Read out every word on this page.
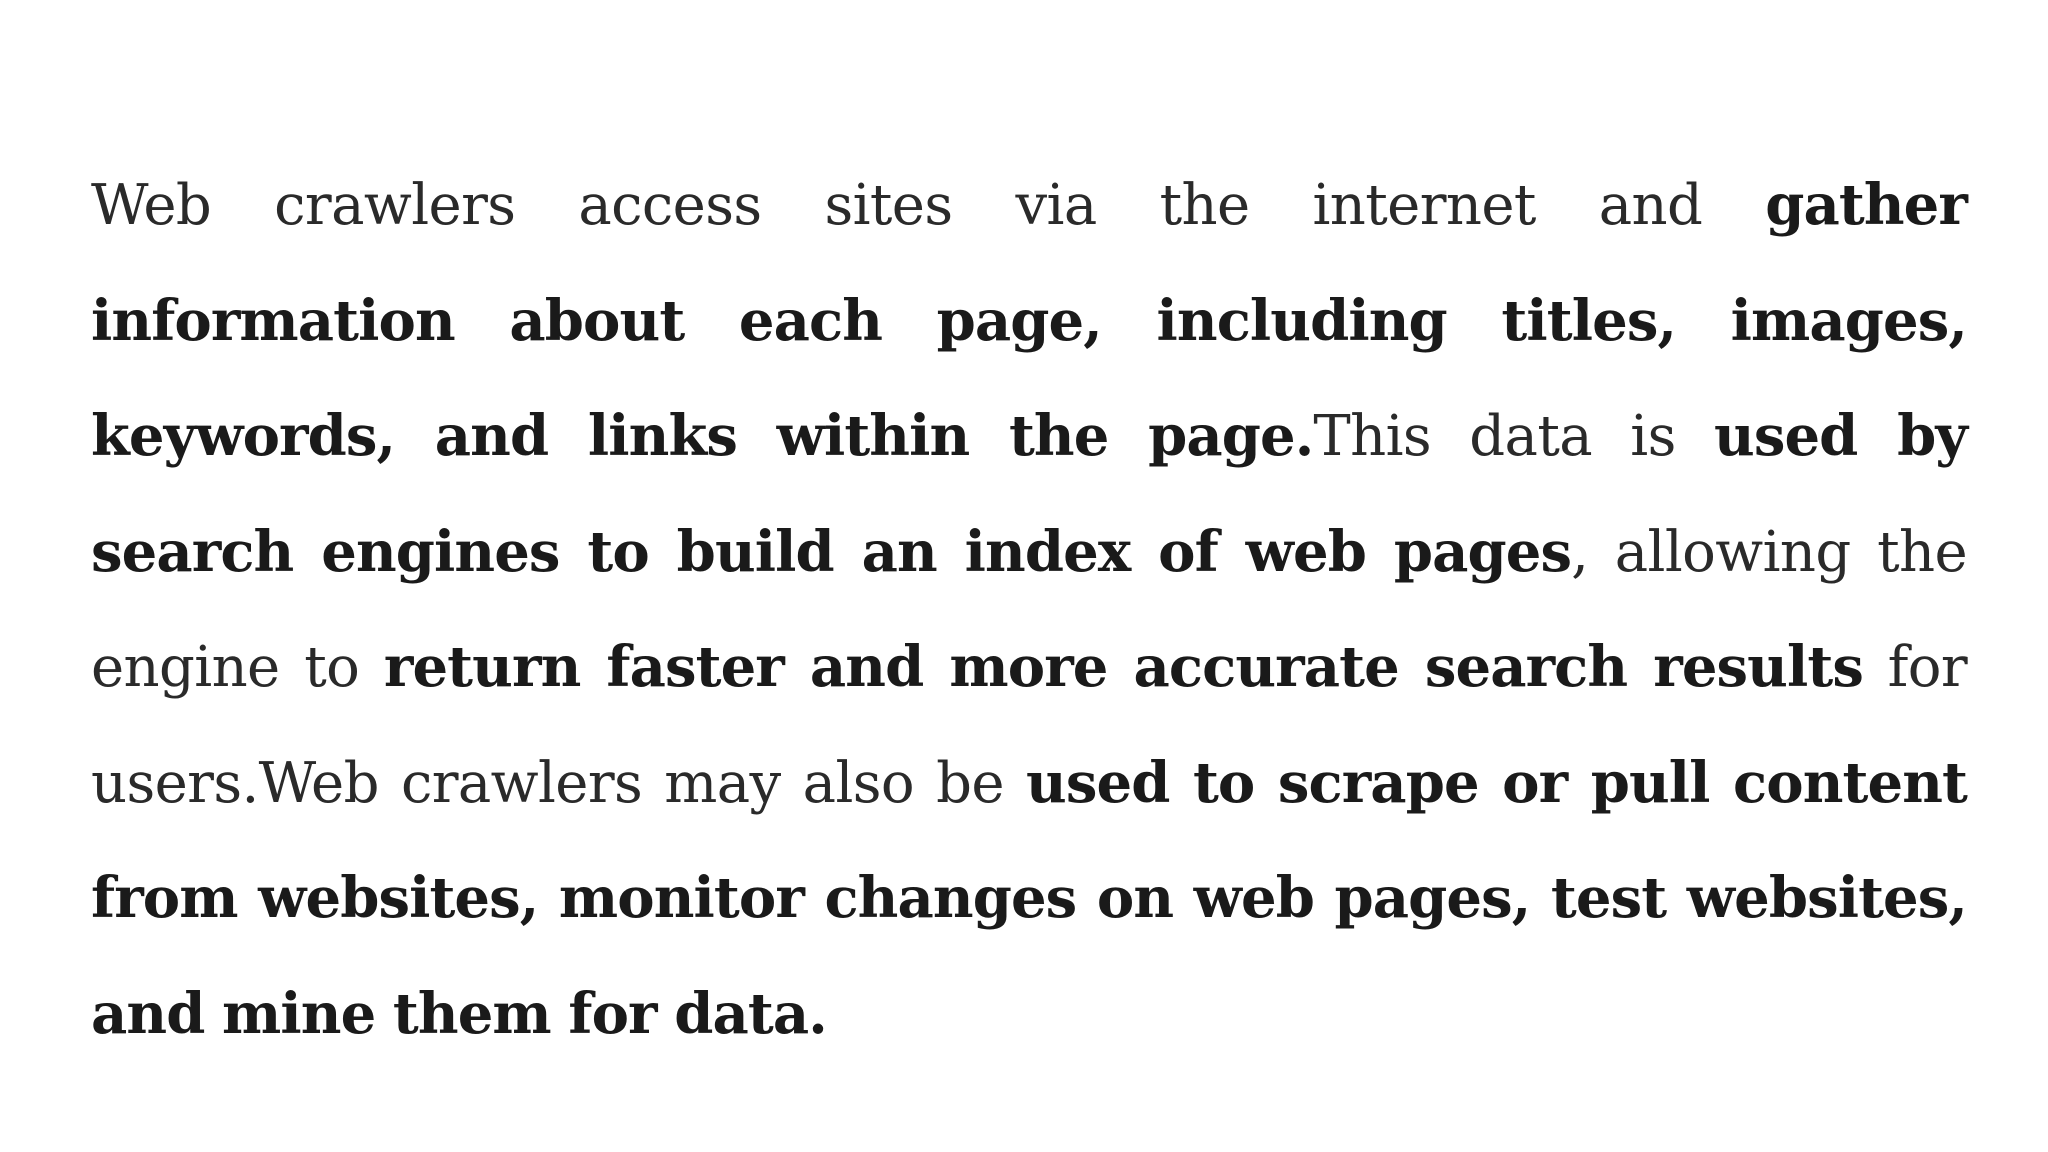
Web crawlers access sites via the internet and gather information about each page, including titles, images, keywords, and links within the page.This data is used by search engines to build an index of web pages, allowing the engine to return faster and more accurate search results for users.Web crawlers may also be used to scrape or pull content from websites, monitor changes on web pages, test websites, and mine them for data.
